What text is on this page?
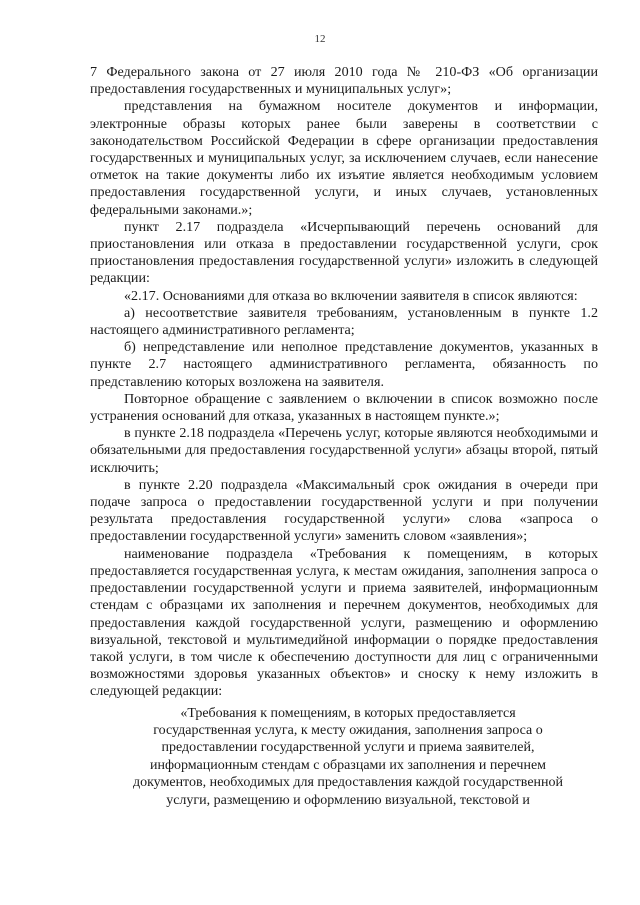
12

7 Федерального закона от 27 июля 2010 года № 210-ФЗ «Об организации предоставления государственных и муниципальных услуг»;

представления на бумажном носителе документов и информации, электронные образы которых ранее были заверены в соответствии с законодательством Российской Федерации в сфере организации предоставления государственных и муниципальных услуг, за исключением случаев, если нанесение отметок на такие документы либо их изъятие является необходимым условием предоставления государственной услуги, и иных случаев, установленных федеральными законами.»;

пункт 2.17 подраздела «Исчерпывающий перечень оснований для приостановления или отказа в предоставлении государственной услуги, срок приостановления предоставления государственной услуги» изложить в следующей редакции:

«2.17. Основаниями для отказа во включении заявителя в список являются:

а) несоответствие заявителя требованиям, установленным в пункте 1.2 настоящего административного регламента;

б) непредставление или неполное представление документов, указанных в пункте 2.7 настоящего административного регламента, обязанность по представлению которых возложена на заявителя.

Повторное обращение с заявлением о включении в список возможно после устранения оснований для отказа, указанных в настоящем пункте.»;

в пункте 2.18 подраздела «Перечень услуг, которые являются необходимыми и обязательными для предоставления государственной услуги» абзацы второй, пятый исключить;

в пункте 2.20 подраздела «Максимальный срок ожидания в очереди при подаче запроса о предоставлении государственной услуги и при получении результата предоставления государственной услуги» слова «запроса о предоставлении государственной услуги» заменить словом «заявления»;

наименование подраздела «Требования к помещениям, в которых предоставляется государственная услуга, к местам ожидания, заполнения запроса о предоставлении государственной услуги и приема заявителей, информационным стендам с образцами их заполнения и перечнем документов, необходимых для предоставления каждой государственной услуги, размещению и оформлению визуальной, текстовой и мультимедийной информации о порядке предоставления такой услуги, в том числе к обеспечению доступности для лиц с ограниченными возможностями здоровья указанных объектов» и сноску к нему изложить в следующей редакции:

«Требования к помещениям, в которых предоставляется
государственная услуга, к месту ожидания, заполнения запроса о
предоставлении государственной услуги и приема заявителей,
информационным стендам с образцами их заполнения и перечнем
документов, необходимых для предоставления каждой государственной
услуги, размещению и оформлению визуальной, текстовой и
